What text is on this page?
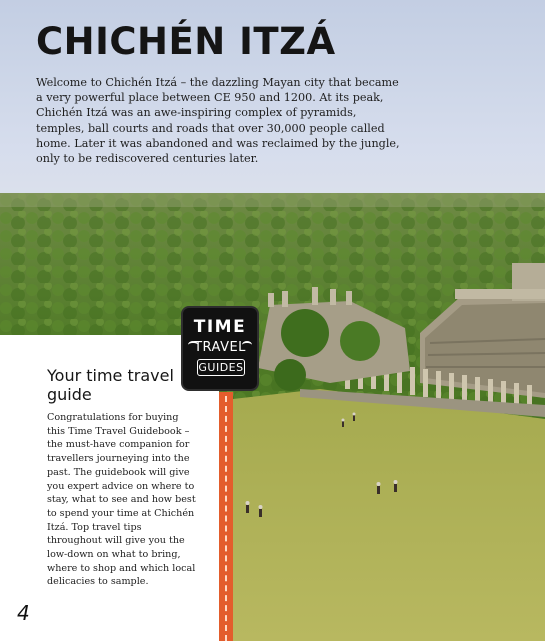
CHICHÉN ITZÁ

Welcome to Chichén Itzá – the dazzling Mayan city that became a very powerful place between CE 950 and 1200. At its peak, Chichén Itzá was an awe-inspiring complex of pyramids, temples, ball courts and roads that over 30,000 people called home. Later it was abandoned and was reclaimed by the jungle, only to be rediscovered centuries later.

Your time travel guide

Congratulations for buying this Time Travel Guidebook – the must-have companion for travellers journeying into the past. The guidebook will give you expert advice on where to stay, what to see and how best to spend your time at Chichén Itzá. Top travel tips throughout will give you the low-down on what to bring, where to shop and which local delicacies to sample.

4

TIME
TRAVEL
GUIDES
